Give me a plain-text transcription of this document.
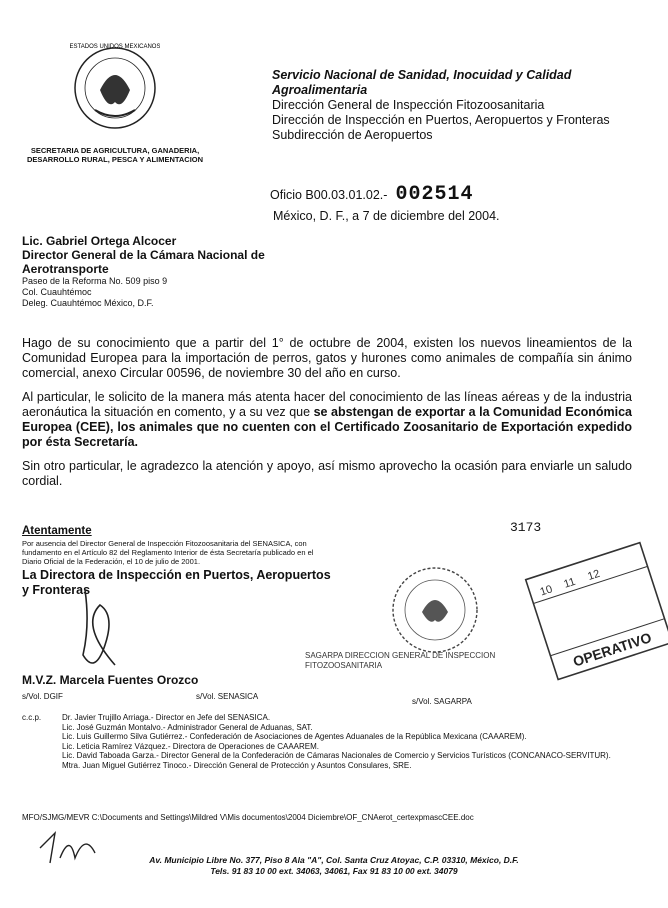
ESTADOS UNIDOS MEXICANOS
SECRETARIA DE AGRICULTURA, GANADERIA, DESARROLLO RURAL, PESCA Y ALIMENTACION
Servicio Nacional de Sanidad, Inocuidad y Calidad Agroalimentaria
Dirección General de Inspección Fitozoosanitaria
Dirección de Inspección en Puertos, Aeropuertos y Fronteras
Subdirección de Aeropuertos
Oficio B00.03.01.02.- 002514
México, D. F., a 7 de diciembre del 2004.
Lic. Gabriel Ortega Alcocer
Director General de la Cámara Nacional de Aerotransporte
Paseo de la Reforma No. 509 piso 9
Col. Cuauhtémoc
Deleg. Cuauhtémoc México, D.F.

Hago de su conocimiento que a partir del 1° de octubre de 2004, existen los nuevos lineamientos de la Comunidad Europea para la importación de perros, gatos y hurones como animales de compañía sin ánimo comercial, anexo Circular 00596, de noviembre 30 del año en curso.

Al particular, le solicito de la manera más atenta hacer del conocimiento de las líneas aéreas y de la industria aeronáutica la situación en comento, y a su vez que se abstengan de exportar a la Comunidad Económica Europea (CEE), los animales que no cuenten con el Certificado Zoosanitario de Exportación expedido por ésta Secretaría.

Sin otro particular, le agradezco la atención y apoyo, así mismo aprovecho la ocasión para enviarle un saludo cordial.

3173
Atentamente
Por ausencia del Director General de Inspección Fitozoosanitaria del SENASICA, con fundamento en el Artículo 82 del Reglamento Interior de ésta Secretaría publicado en el Diario Oficial de la Federación, el 10 de julio de 2001.
La Directora de Inspección en Puertos, Aeropuertos y Fronteras
M.V.Z. Marcela Fuentes Orozco
s/Vol. DGIF	s/Vol. SENASICA
s/Vol. SAGARPA
SAGARPA DIRECCION GENERAL DE INSPECCION FITOZOOSANITARIA
10 11
12
OPERATIVO
c.c.p.	Dr. Javier Trujillo Arriaga.- Director en Jefe del SENASICA.
Lic. José Guzmán Montalvo.- Administrador General de Aduanas, SAT.
Lic. Luis Guillermo Silva Gutiérrez.- Confederación de Asociaciones de Agentes Aduanales de la República Mexicana (CAAAREM).
Lic. Leticia Ramírez Vázquez.- Directora de Operaciones de CAAAREM.
Lic. David Taboada Garza.- Director General de la Confederación de Cámaras Nacionales de Comercio y Servicios Turísticos (CONCANACO-SERVITUR).
Mtra. Juan Miguel Gutiérrez Tinoco.- Dirección General de Protección y Asuntos Consulares, SRE.
MFO/SJMG/MEVR C:\Documents and Settings\Mildred V\Mis documentos\2004 Diciembre\OF_CNAerot_certexpmascCEE.doc
Av. Municipio Libre No. 377, Piso 8 Ala "A", Col. Santa Cruz Atoyac, C.P. 03310, México, D.F.
Tels. 91 83 10 00 ext. 34063, 34061, Fax 91 83 10 00 ext. 34079
